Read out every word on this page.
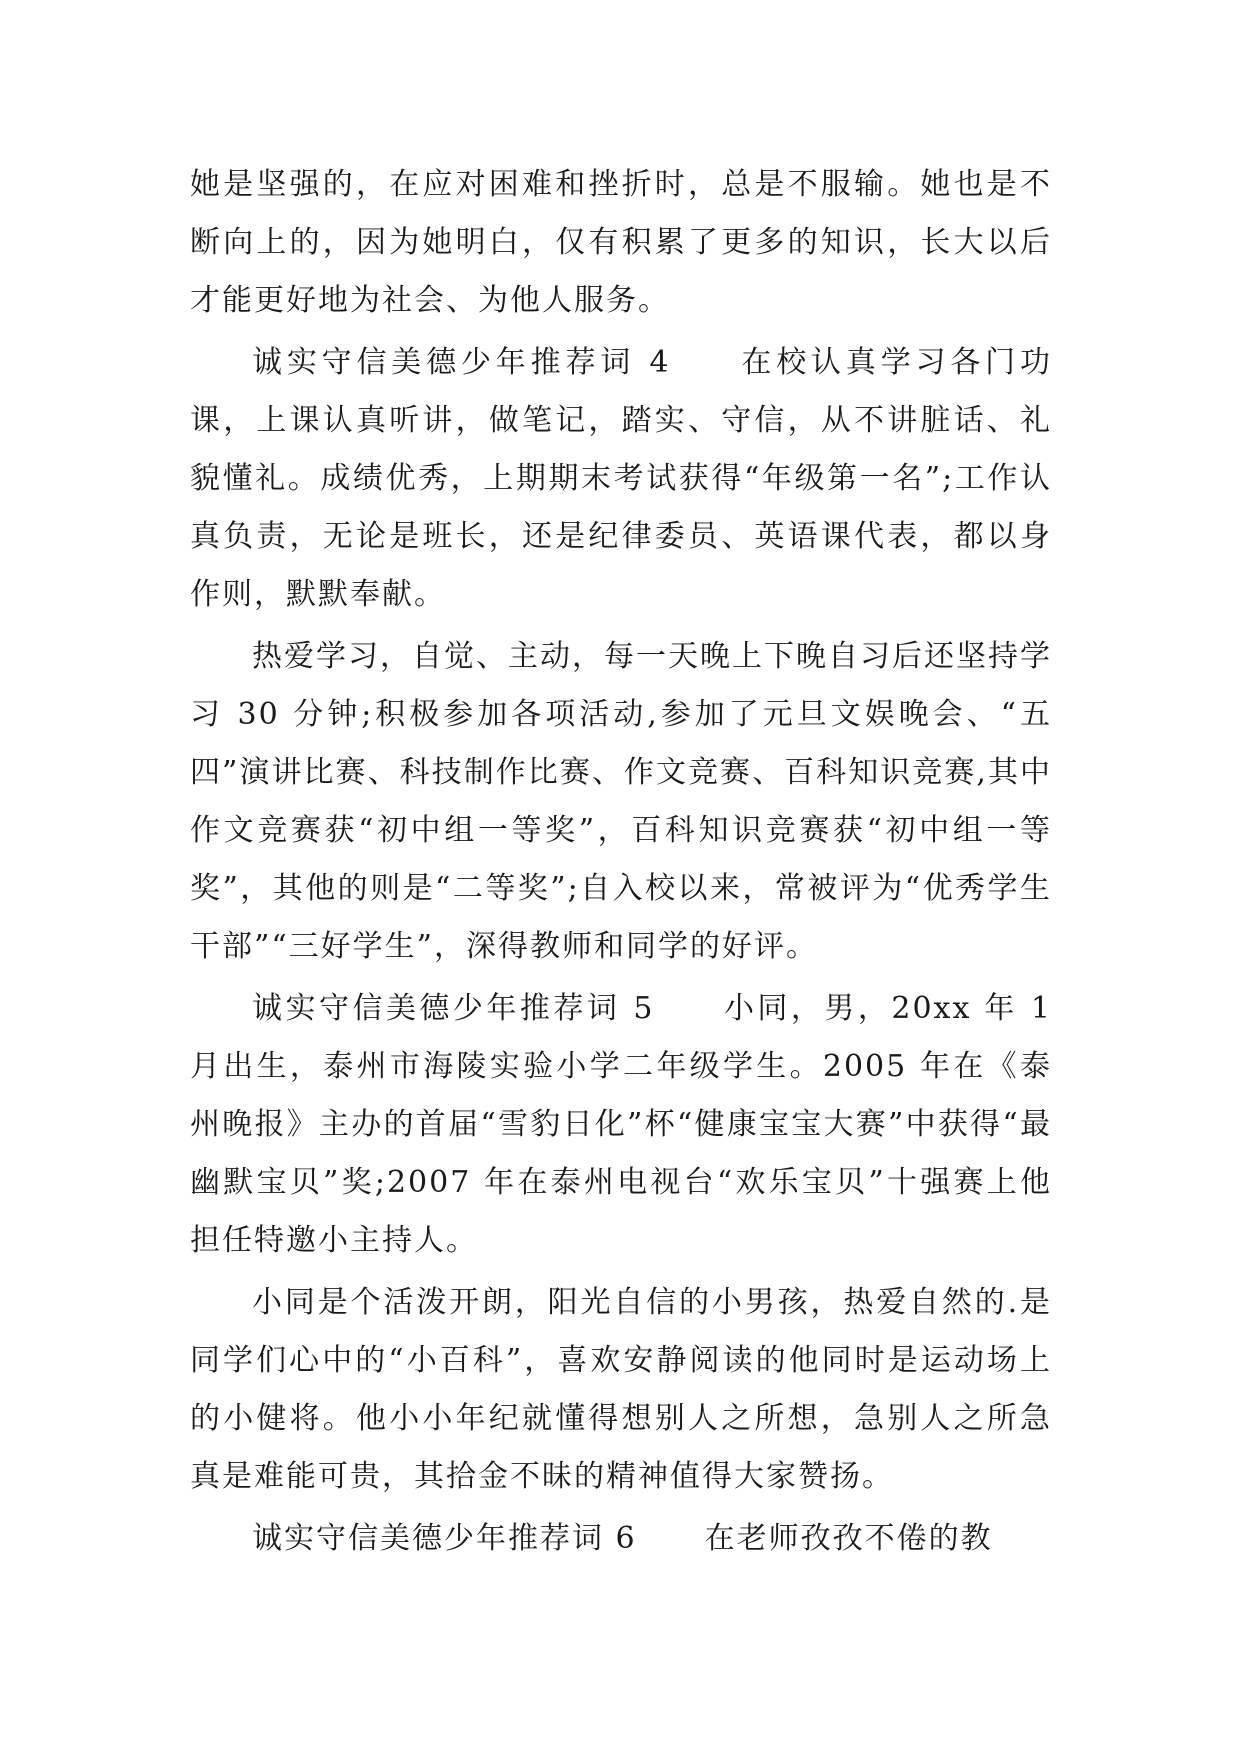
她是坚强的，在应对困难和挫折时，总是不服输。她也是不断向上的，因为她明白，仅有积累了更多的知识，长大以后才能更好地为社会、为他人服务。

诚实守信美德少年推荐词 4 在校认真学习各门功课，上课认真听讲，做笔记，踏实、守信，从不讲脏话、礼貌懂礼。成绩优秀，上期期末考试获得“年级第一名”;工作认真负责，无论是班长，还是纪律委员、英语课代表，都以身作则，默默奉献。

热爱学习，自觉、主动，每一天晚上下晚自习后还坚持学习 30 分钟;积极参加各项活动,参加了元旦文娱晚会、“五四”演讲比赛、科技制作比赛、作文竞赛、百科知识竞赛,其中作文竞赛获“初中组一等奖”，百科知识竞赛获“初中组一等奖”，其他的则是“二等奖”;自入校以来，常被评为“优秀学生干部”“三好学生”，深得教师和同学的好评。

诚实守信美德少年推荐词 5 小同，男，20xx 年 1 月出生，泰州市海陵实验小学二年级学生。2005 年在《泰州晚报》主办的首届“雪豹日化”杯“健康宝宝大赛”中获得“最幽默宝贝”奖;2007 年在泰州电视台“欢乐宝贝”十强赛上他担任特邀小主持人。

小同是个活泼开朗，阳光自信的小男孩，热爱自然的.是同学们心中的“小百科”，喜欢安静阅读的他同时是运动场上的小健将。他小小年纪就懂得想别人之所想，急别人之所急真是难能可贵，其拾金不昧的精神值得大家赞扬。

诚实守信美德少年推荐词 6 在老师孜孜不倦的教
